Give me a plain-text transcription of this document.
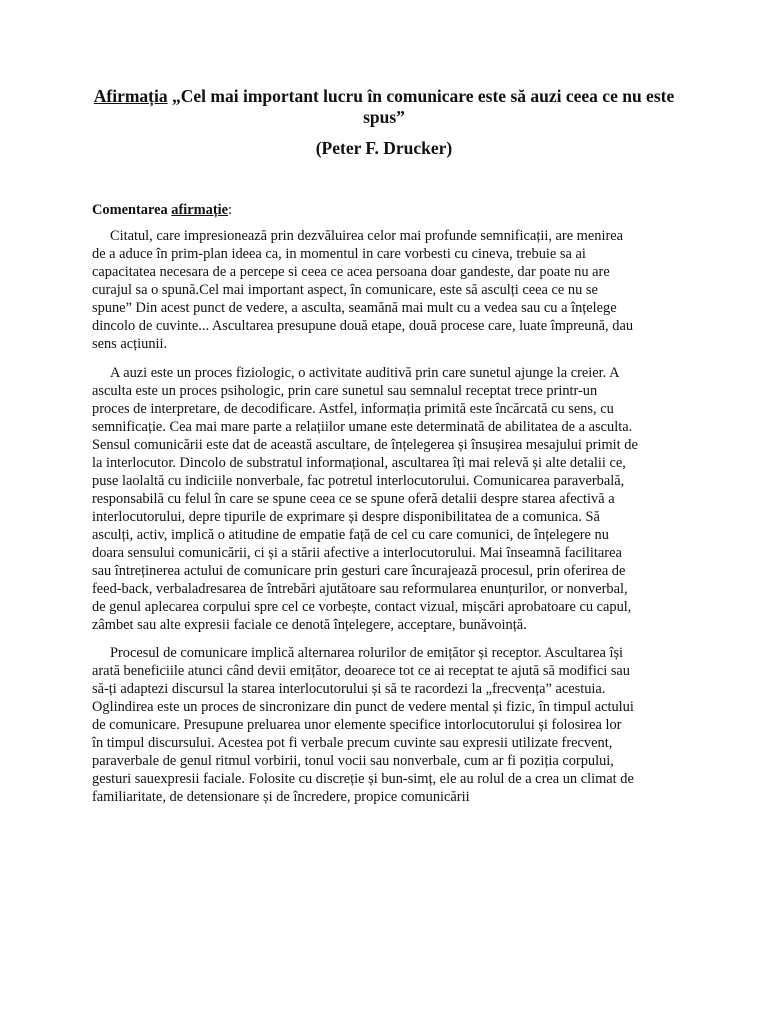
Afirmația „Cel mai important lucru în comunicare este să auzi ceea ce nu este
spus”

(Peter F. Drucker)

Comentarea afirmație:

Citatul, care impresionează prin dezvăluirea celor mai profunde semnificații, are menirea
de a aduce în prim-plan ideea ca, in momentul in care vorbesti cu cineva, trebuie sa ai
capacitatea necesara de a percepe si ceea ce acea persoana doar gandeste, dar poate nu are
curajul sa o spună.Cel mai important aspect, în comunicare, este să asculți ceea ce nu se
spune” Din acest punct de vedere, a asculta, seamănă mai mult cu a vedea sau cu a înțelege
dincolo de cuvinte... Ascultarea presupune două etape, două procese care, luate împreună, dau
sens acțiunii.
A auzi este un proces fiziologic, o activitate auditivă prin care sunetul ajunge la creier. A
asculta este un proces psihologic, prin care sunetul sau semnalul receptat trece printr-un
proces de interpretare, de decodificare. Astfel, informația primită este încărcată cu sens, cu
semnificație. Cea mai mare parte a relațiilor umane este determinată de abilitatea de a asculta.
Sensul comunicării este dat de această ascultare, de înțelegerea și însușirea mesajului primit de
la interlocutor. Dincolo de substratul informațional, ascultarea îți mai relevă și alte detalii ce,
puse laolaltă cu indiciile nonverbale, fac potretul interlocutorului. Comunicarea paraverbală,
responsabilă cu felul în care se spune ceea ce se spune oferă detalii despre starea afectivă a
interlocutorului, depre tipurile de exprimare și despre disponibilitatea de a comunica. Să
asculți, activ, implică o atitudine de empatie față de cel cu care comunici, de înțelegere nu
doara sensului comunicării, ci și a stării afective a interlocutorului. Mai înseamnă facilitarea
sau întreținerea actului de comunicare prin gesturi care încurajează procesul, prin oferirea de
feed-back, verbaladresarea de întrebări ajutătoare sau reformularea enunțurilor, or nonverbal,
de genul aplecarea corpului spre cel ce vorbește, contact vizual, mișcări aprobatoare cu capul,
zâmbet sau alte expresii faciale ce denotă înțelegere, acceptare, bunăvoință.
Procesul de comunicare implică alternarea rolurilor de emițător și receptor. Ascultarea își
arată beneficiile atunci când devii emițător, deoarece tot ce ai receptat te ajută să modifici sau
să-ți adaptezi discursul la starea interlocutorului și să te racordezi la „frecvența” acestuia.
Oglindirea este un proces de sincronizare din punct de vedere mental și fizic, în timpul actului
de comunicare. Presupune preluarea unor elemente specifice intorlocutorului și folosirea lor
în timpul discursului. Acestea pot fi verbale precum cuvinte sau expresii utilizate frecvent,
paraverbale de genul ritmul vorbirii, tonul vocii sau nonverbale, cum ar fi poziția corpului,
gesturi sauexpresii faciale. Folosite cu discreție și bun-simț, ele au rolul de a crea un climat de
familiaritate, de detensionare și de încredere, propice comunicării
